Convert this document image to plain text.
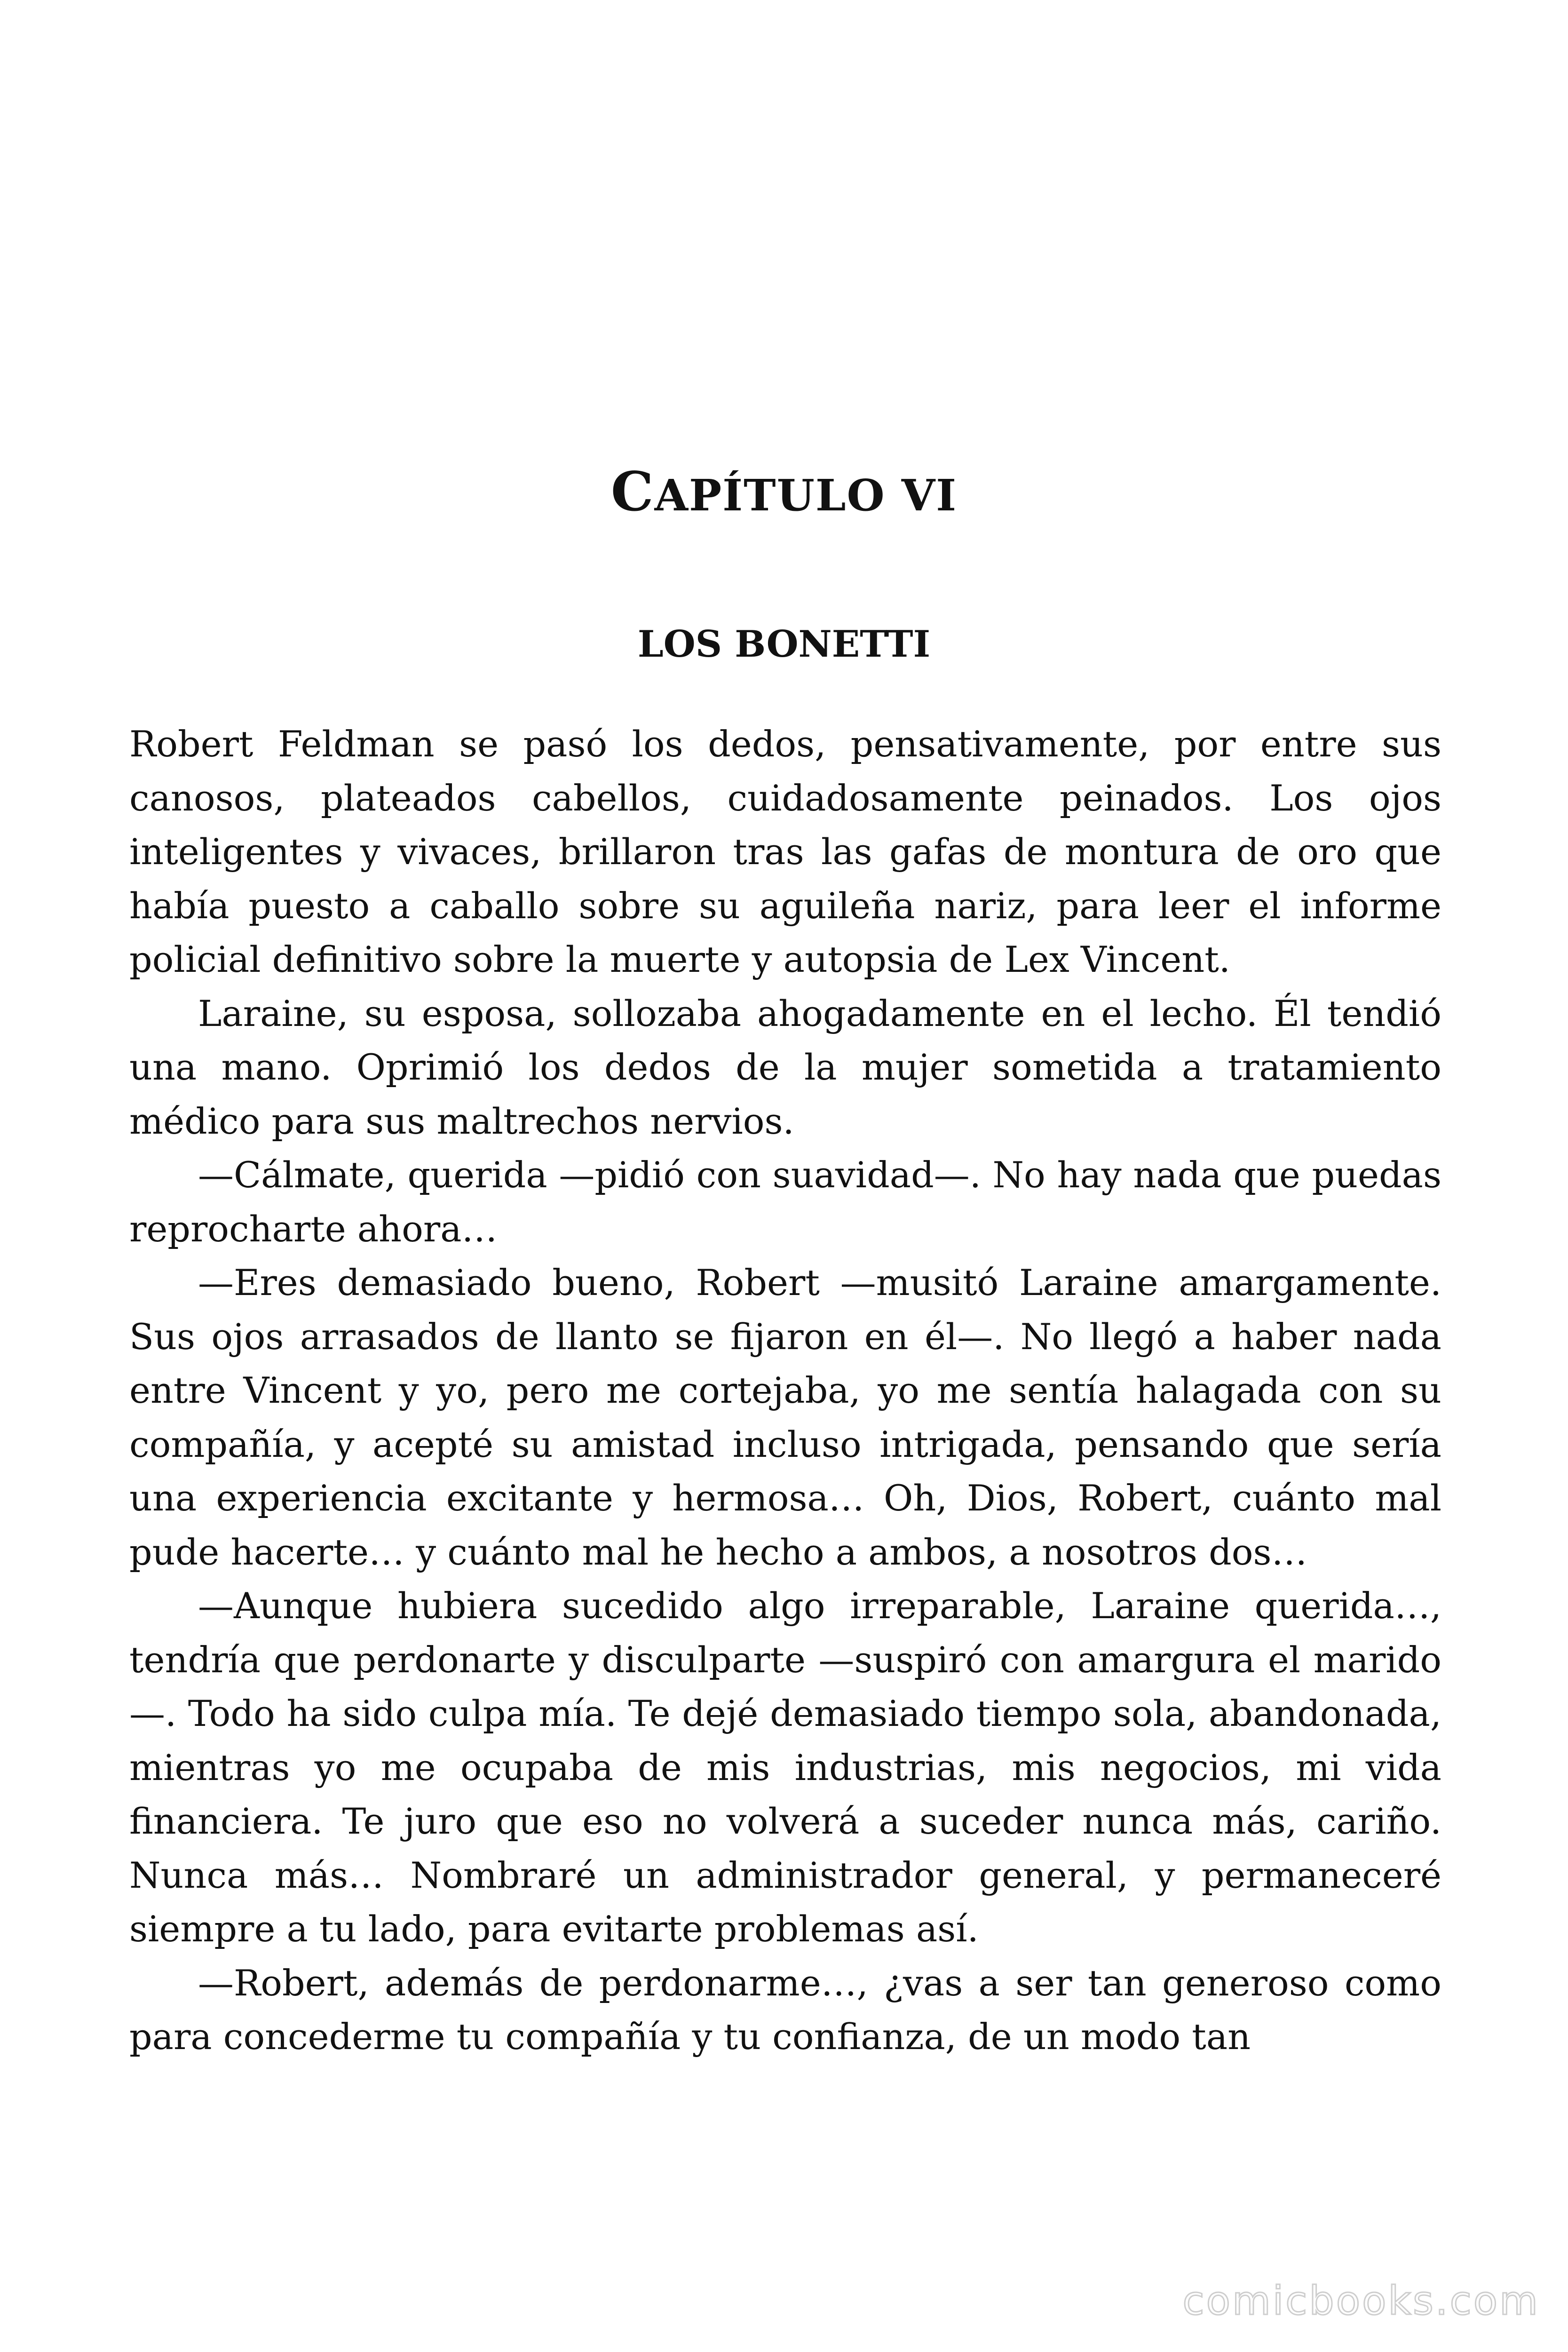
CAPÍTULO VI
LOS BONETTI

Robert Feldman se pasó los dedos, pensativamente, por entre sus canosos, plateados cabellos, cuidadosamente peinados. Los ojos inteligentes y vivaces, brillaron tras las gafas de montura de oro que había puesto a caballo sobre su aguileña nariz, para leer el informe policial definitivo sobre la muerte y autopsia de Lex Vincent.

Laraine, su esposa, sollozaba ahogadamente en el lecho. Él tendió una mano. Oprimió los dedos de la mujer sometida a tratamiento médico para sus maltrechos nervios.

—Cálmate, querida —pidió con suavidad—. No hay nada que puedas reprocharte ahora…

—Eres demasiado bueno, Robert —musitó Laraine amargamente. Sus ojos arrasados de llanto se fijaron en él—. No llegó a haber nada entre Vincent y yo, pero me cortejaba, yo me sentía halagada con su compañía, y acepté su amistad incluso intrigada, pensando que sería una experiencia excitante y hermosa… Oh, Dios, Robert, cuánto mal pude hacerte… y cuánto mal he hecho a ambos, a nosotros dos…

—Aunque hubiera sucedido algo irreparable, Laraine querida…, tendría que perdonarte y disculparte —suspiró con amargura el marido—. Todo ha sido culpa mía. Te dejé demasiado tiempo sola, abandonada, mientras yo me ocupaba de mis industrias, mis negocios, mi vida financiera. Te juro que eso no volverá a suceder nunca más, cariño. Nunca más… Nombraré un administrador general, y permaneceré siempre a tu lado, para evitarte problemas así.

—Robert, además de perdonarme…, ¿vas a ser tan generoso como para concederme tu compañía y tu confianza, de un modo tan

comicbooks.com
